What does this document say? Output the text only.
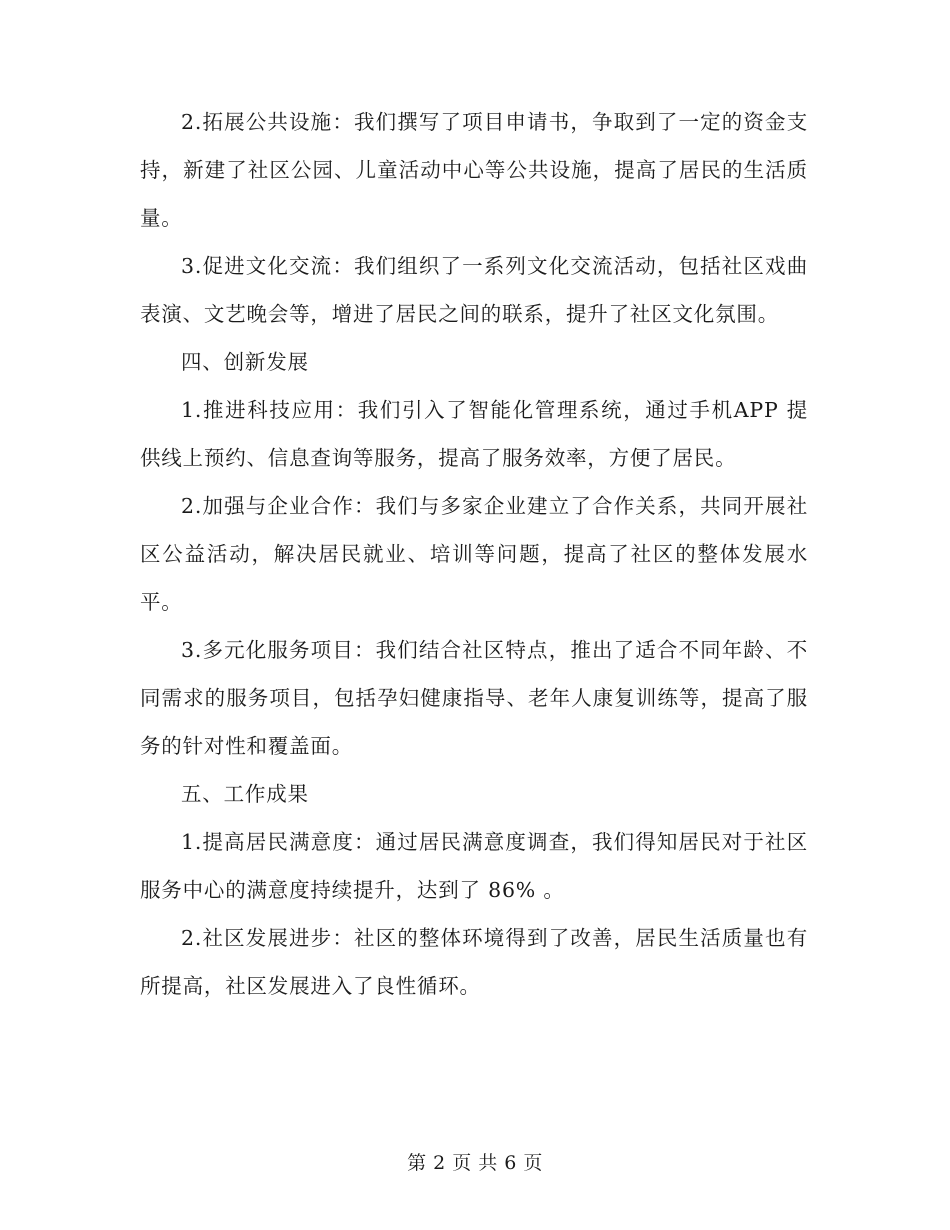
2.拓展公共设施：我们撰写了项目申请书，争取到了一定的资金支持，新建了社区公园、儿童活动中心等公共设施，提高了居民的生活质量。

3.促进文化交流：我们组织了一系列文化交流活动，包括社区戏曲表演、文艺晚会等，增进了居民之间的联系，提升了社区文化氛围。

四、创新发展

1.推进科技应用：我们引入了智能化管理系统，通过手机APP 提供线上预约、信息查询等服务，提高了服务效率，方便了居民。

2.加强与企业合作：我们与多家企业建立了合作关系，共同开展社区公益活动，解决居民就业、培训等问题，提高了社区的整体发展水平。

3.多元化服务项目：我们结合社区特点，推出了适合不同年龄、不同需求的服务项目，包括孕妇健康指导、老年人康复训练等，提高了服务的针对性和覆盖面。

五、工作成果

1.提高居民满意度：通过居民满意度调查，我们得知居民对于社区服务中心的满意度持续提升，达到了 86% 。

2.社区发展进步：社区的整体环境得到了改善，居民生活质量也有所提高，社区发展进入了良性循环。

第 2 页 共 6 页
